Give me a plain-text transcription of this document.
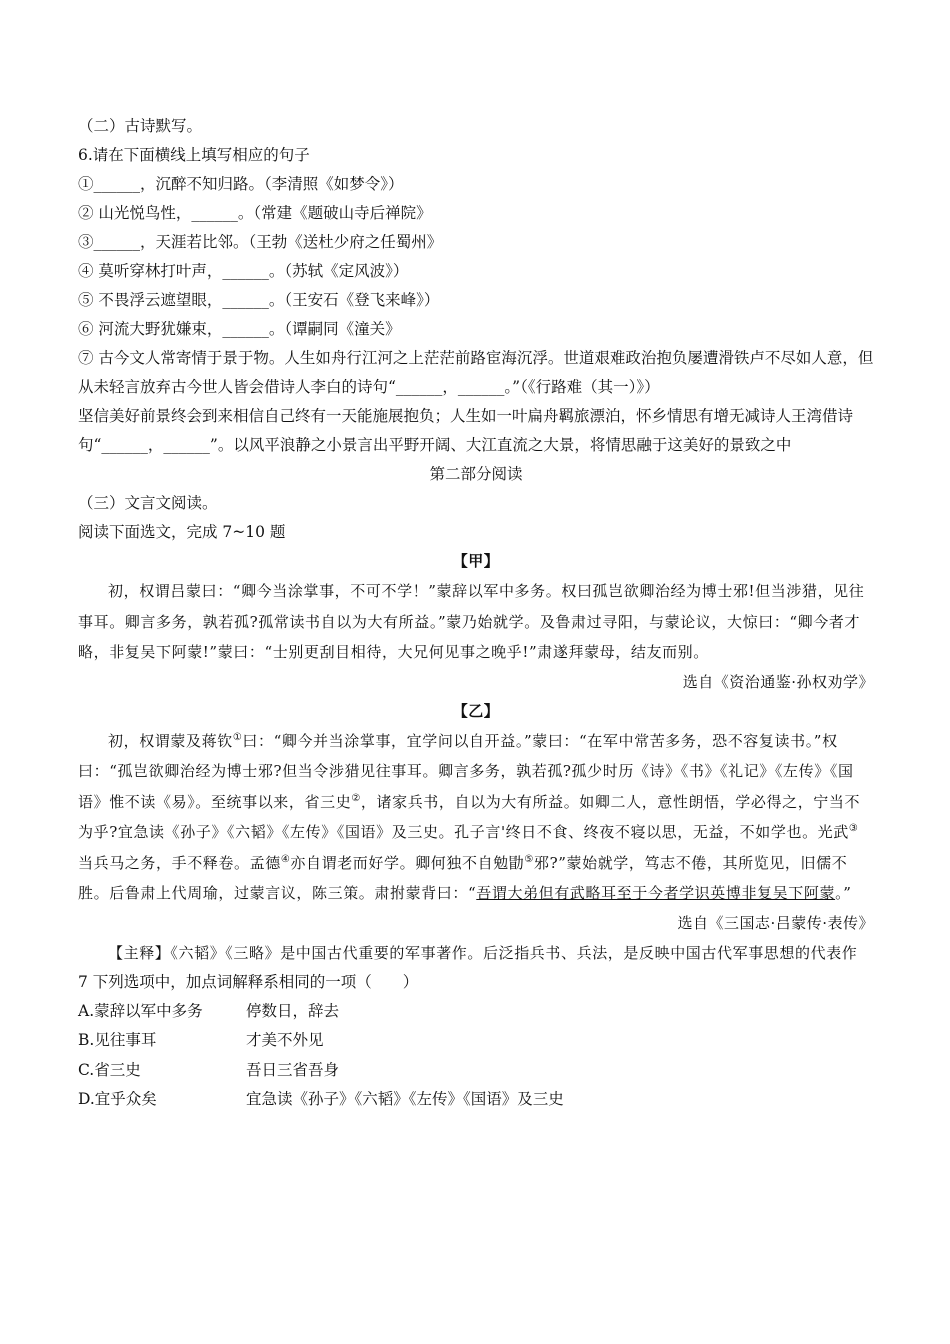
（二）古诗默写。
6.请在下面横线上填写相应的句子
①______，沉醉不知归路。（李清照《如梦令》）
② 山光悦鸟性，______。（常建《题破山寺后禅院》
③______，天涯若比邻。（王勃《送杜少府之任蜀州》
④ 莫听穿林打叶声，______。（苏轼《定风波》）
⑤ 不畏浮云遮望眼，______。（王安石《登飞来峰》）
⑥ 河流大野犹嫌束，______。（谭嗣同《潼关》
⑦ 古今文人常寄情于景于物。人生如舟行江河之上茫茫前路宦海沉浮。世道艰难政治抱负屡遭滑铁卢不尽如人意，但从未轻言放弃古今世人皆会借诗人李白的诗句“______，______。”（《行路难（其一）》）
坚信美好前景终会到来相信自己终有一天能施展抱负；人生如一叶扁舟羁旅漂泊，怀乡情思有增无减诗人王湾借诗句“______，______”。以风平浪静之小景言出平野开阔、大江直流之大景，将情思融于这美好的景致之中
第二部分阅读
（三）文言文阅读。
阅读下面选文，完成 7~10 题
【甲】

初，权谓吕蒙曰：“卿今当涂掌事，不可不学！”蒙辞以军中多务。权曰孤岂欲卿治经为博士邪!但当涉猎，见往事耳。卿言多务，孰若孤?孤常读书自以为大有所益。”蒙乃始就学。及鲁肃过寻阳，与蒙论议，大惊曰：“卿今者才略，非复吴下阿蒙!”蒙曰：“士别更刮目相待，大兄何见事之晚乎!”肃遂拜蒙母，结友而别。

选自《资治通鉴·孙权劝学》
【乙】

初，权谓蒙及蒋钦①曰：“卿今并当涂掌事，宜学问以自开益。”蒙曰：“在军中常苦多务，恐不容复读书。”权曰：“孤岂欲卿治经为博士邪?但当令涉猎见往事耳。卿言多务，孰若孤?孤少时历《诗》《书》《礼记》《左传》《国语》惟不读《易》。至统事以来，省三史②，诸家兵书，自以为大有所益。如卿二人，意性朗悟，学必得之，宁当不为乎?宜急读《孙子》《六韬》《左传》《国语》及三史。孔子言'终日不食、终夜不寝以思，无益，不如学也。光武③当兵马之务，手不释卷。孟德④亦自谓老而好学。卿何独不自勉勖⑤邪?”蒙始就学，笃志不倦，其所览见，旧儒不胜。后鲁肃上代周瑜，过蒙言议，陈三策。肃拊蒙背曰：“吾谓大弟但有武略耳至于今者学识英博非复吴下阿蒙。”

选自《三国志·吕蒙传·表传》

【主释】《六韬》《三略》是中国古代重要的军事著作。后泛指兵书、兵法，是反映中国古代军事思想的代表作

7 下列选项中，加点词解释系相同的一项（　　）
A.蒙辞以军中多务	停数日，辞去
B.见往事耳	才美不外见
C.省三史	吾日三省吾身
D.宜乎众矣	宜急读《孙子》《六韬》《左传》《国语》及三史
